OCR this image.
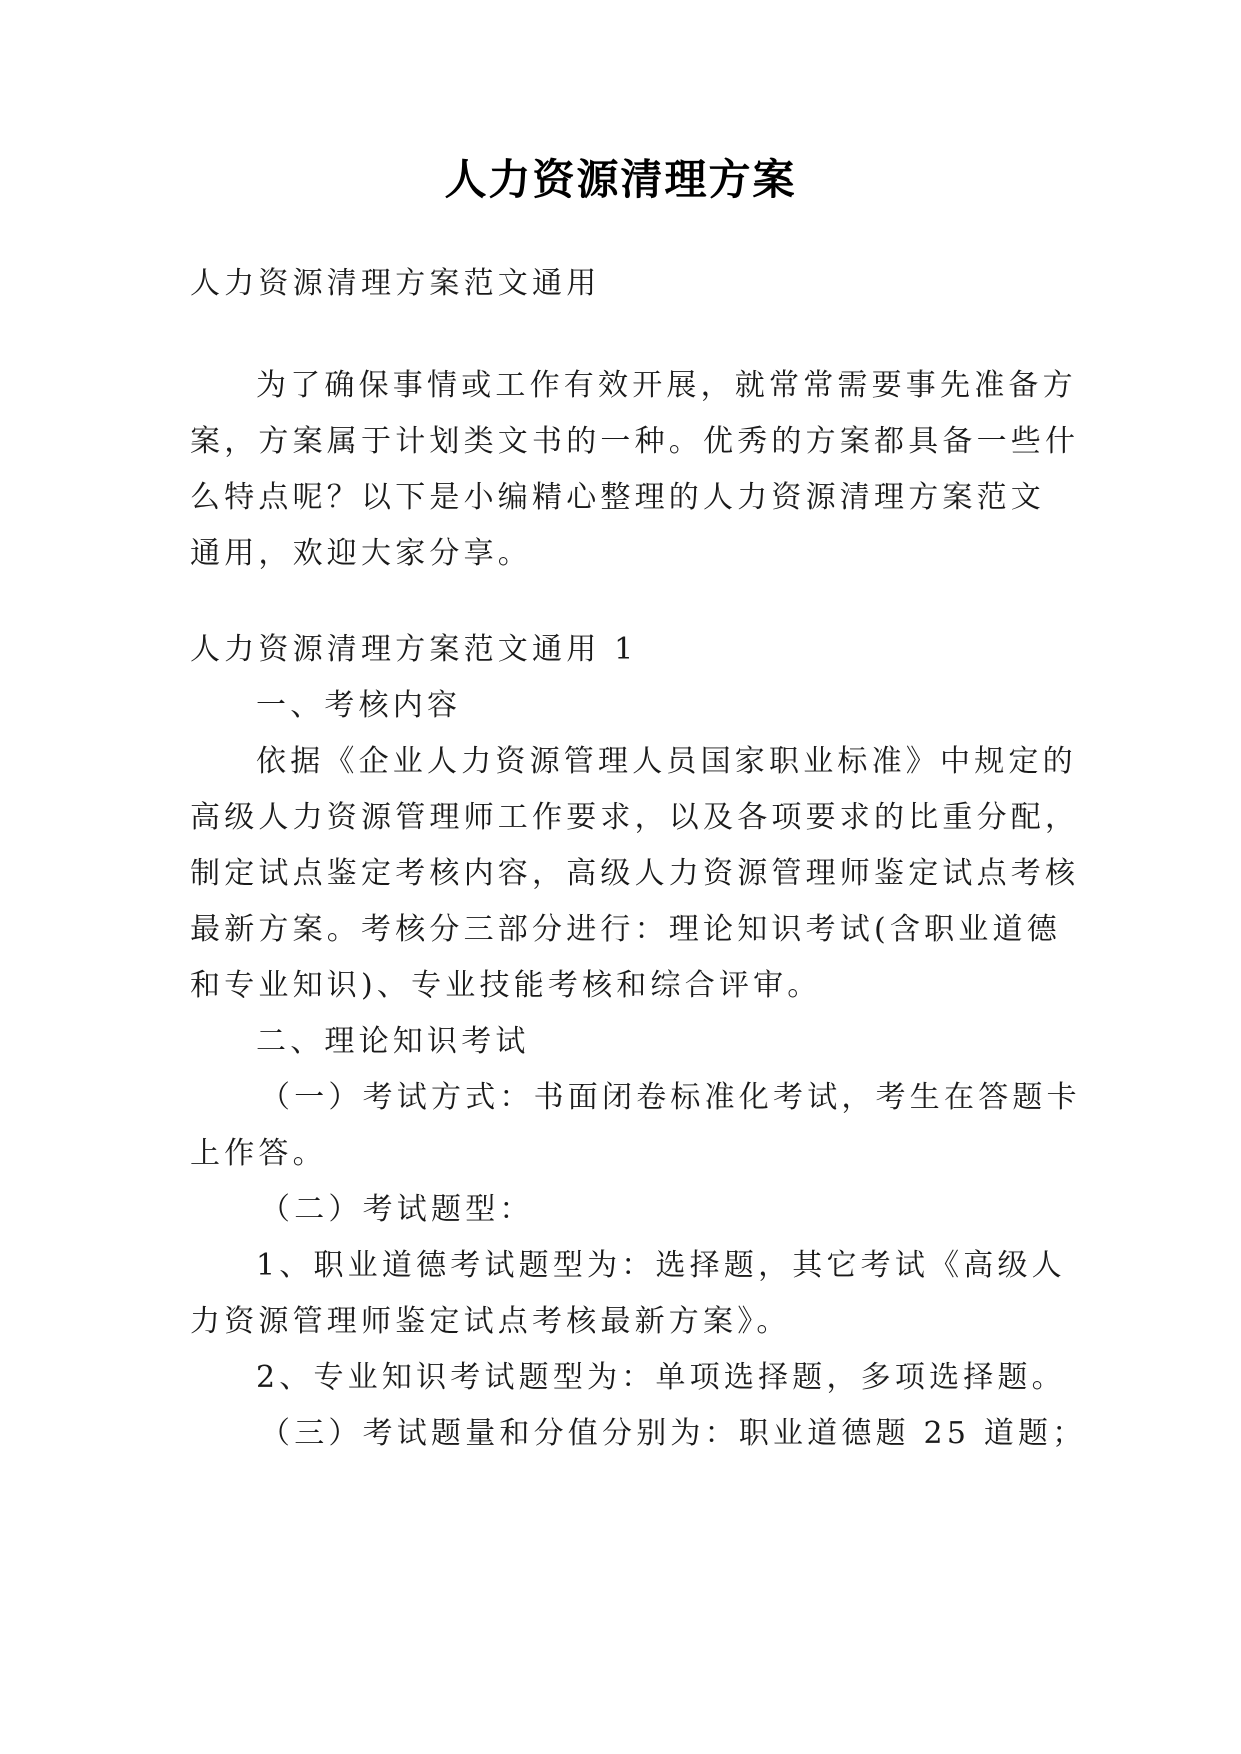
人力资源清理方案
人力资源清理方案范文通用
为了确保事情或工作有效开展，就常常需要事先准备方
案，方案属于计划类文书的一种。优秀的方案都具备一些什
么特点呢？以下是小编精心整理的人力资源清理方案范文
通用，欢迎大家分享。
人力资源清理方案范文通用 1
一、考核内容
依据《企业人力资源管理人员国家职业标准》中规定的
高级人力资源管理师工作要求，以及各项要求的比重分配，
制定试点鉴定考核内容，高级人力资源管理师鉴定试点考核
最新方案。考核分三部分进行：理论知识考试(含职业道德
和专业知识)、专业技能考核和综合评审。
二、理论知识考试
（一）考试方式：书面闭卷标准化考试，考生在答题卡
上作答。
（二）考试题型：
1、职业道德考试题型为：选择题，其它考试《高级人
力资源管理师鉴定试点考核最新方案》。
2、专业知识考试题型为：单项选择题，多项选择题。
（三）考试题量和分值分别为：职业道德题 25 道题；
